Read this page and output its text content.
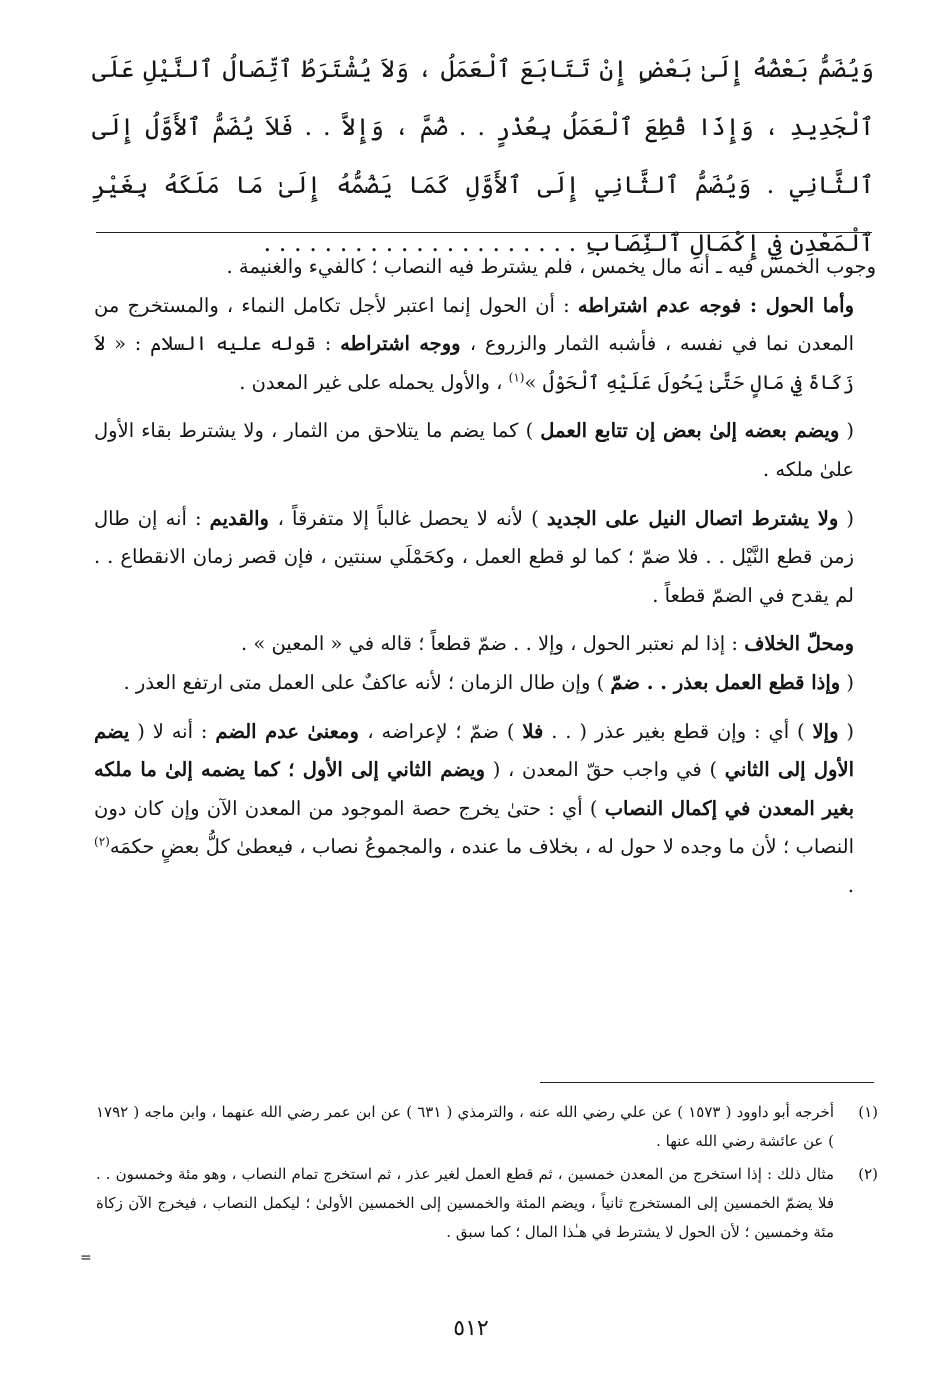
وَيُضَمُّ بَعْضُهُ إِلَىٰ بَعْضٍ إِنْ تَتَابَعَ ٱلْعَمَلُ ، وَلاَ يُشْتَرَطُ ٱتِّصَالُ ٱلنَّيْلِ عَلَى ٱلْجَدِيدِ ، وَإِذَا قُطِعَ ٱلْعَمَلُ بِعُذْرٍ . . ضُمَّ ، وَإِلاَّ . . فَلاَ يُضَمُّ ٱلأَوَّلُ إِلَى ٱلثَّانِي . وَيُضَمُّ ٱلثَّانِي إِلَى ٱلأَوَّلِ كَمَا يَضُمُّهُ إِلَىٰ مَا مَلَكَهُ بِغَيْرِ ٱلْمَعْدِنِ فِي إِكْمَالِ ٱلنِّصَابِ . . . . . . . . . . . . . . . . . . . . .

وجوب الخمس فيه ـ أنه مال يخمس ، فلم يشترط فيه النصاب ؛ كالفيء والغنيمة .

وأما الحول : فوجه عدم اشتراطه : أن الحول إنما اعتبر لأجل تكامل النماء ، والمستخرج من المعدن نما في نفسه ، فأشبه الثمار والزروع ، ووجه اشتراطه : قوله عليه السلام : « لاَ زَكَاةَ فِي مَالٍ حَتَّىٰ يَحُولَ عَلَيْهِ ٱلْحَوْلُ »$^{(١)}$ ، والأول يحمله على غير المعدن .

( ويضم بعضه إلىٰ بعض إن تتابع العمل ) كما يضم ما يتلاحق من الثمار ، ولا يشترط بقاء الأول علىٰ ملكه .

( ولا يشترط اتصال النيل على الجديد ) لأنه لا يحصل غالباً إلا متفرقاً ، والقديم : أنه إن طال زمن قطع النَّيْل . . فلا ضمّ ؛ كما لو قطع العمل ، وكحَمْلَي سنتين ، فإن قصر زمان الانقطاع . . لم يقدح في الضمّ قطعاً .

ومحلّ الخلاف : إذا لم نعتبر الحول ، وإلا . . ضمّ قطعاً ؛ قاله في « المعين » .

( وإذا قطع العمل بعذر . . ضمّ ) وإن طال الزمان ؛ لأنه عاكفٌ على العمل متى ارتفع العذر .

( وإلا ) أي : وإن قطع بغير عذر ( . . فلا ) ضمّ ؛ لإعراضه ، ومعنىٰ عدم الضم : أنه لا ( يضم الأول إلى الثاني ) في واجب حقّ المعدن ، ( ويضم الثاني إلى الأول ؛ كما يضمه إلىٰ ما ملكه بغير المعدن في إكمال النصاب ) أي : حتىٰ يخرج حصة الموجود من المعدن الآن وإن كان دون النصاب ؛ لأن ما وجده لا حول له ، بخلاف ما عنده ، والمجموعُ نصاب ، فيعطىٰ كلُّ بعضٍ حكمَه$^{(٢)}$ .

(١)
أخرجه أبو داوود ( ١٥٧٣ ) عن علي رضي الله عنه ، والترمذي ( ٦٣١ ) عن ابن عمر رضي الله عنهما ، وابن ماجه ( ١٧٩٢ ) عن عائشة رضي الله عنها .
(٢)
مثال ذلك : إذا استخرج من المعدن خمسين ، ثم قطع العمل لغير عذر ، ثم استخرج تمام النصاب ، وهو مئة وخمسون . . فلا يضمّ الخمسين إلى المستخرج ثانياً ، ويضم المئة والخمسين إلى الخمسين الأولىٰ ؛ ليكمل النصاب ، فيخرج الآن زكاة مئة وخمسين ؛ لأن الحول لا يشترط في هـٰذا المال ؛ كما سبق .
=
٥١٢
